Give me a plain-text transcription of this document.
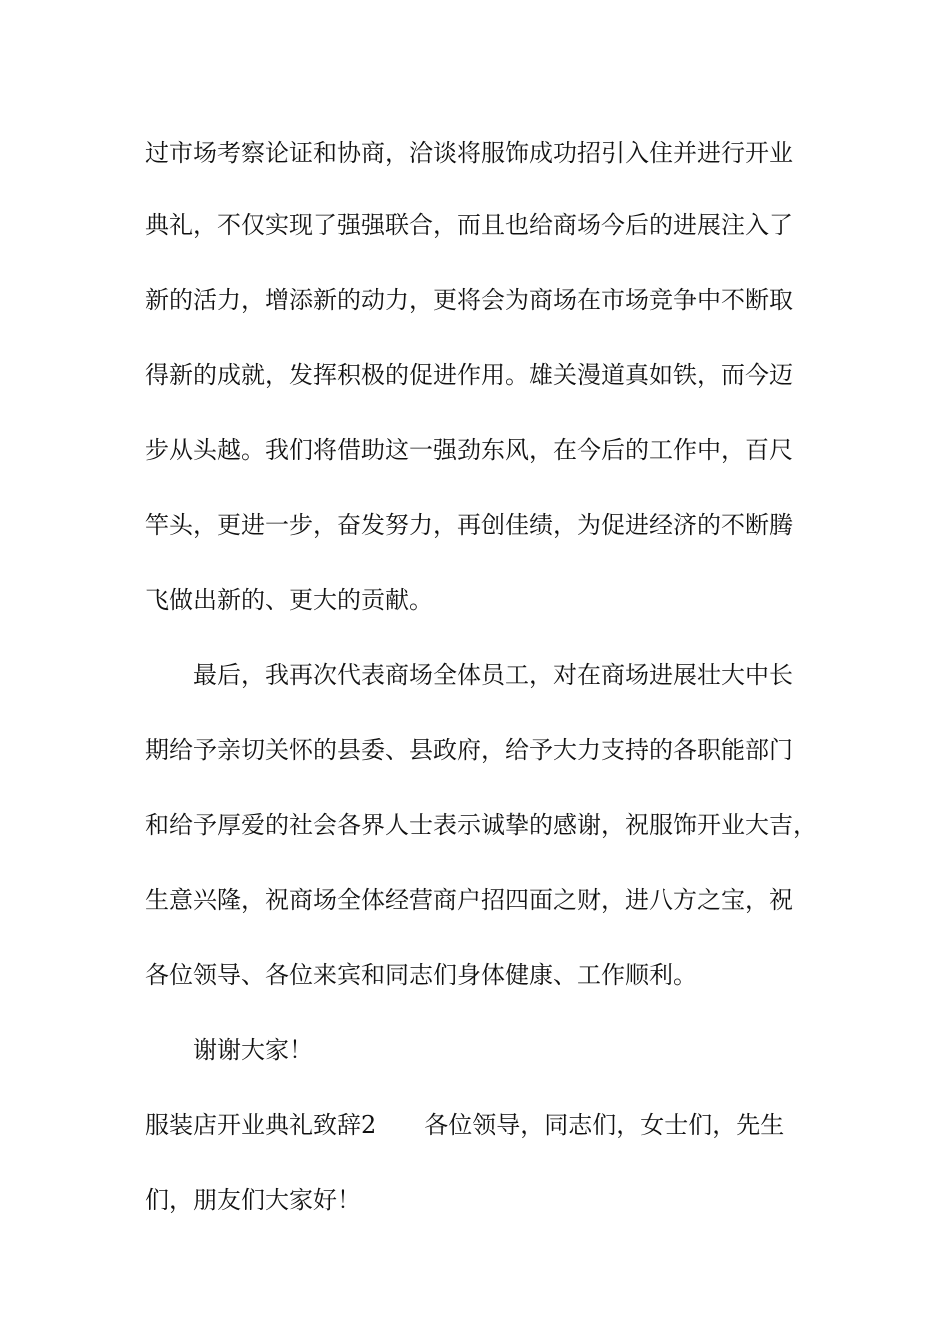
过市场考察论证和协商，洽谈将服饰成功招引入住并进行开业

典礼，不仅实现了强强联合，而且也给商场今后的进展注入了

新的活力，增添新的动力，更将会为商场在市场竞争中不断取

得新的成就，发挥积极的促进作用。雄关漫道真如铁，而今迈

步从头越。我们将借助这一强劲东风，在今后的工作中，百尺

竿头，更进一步，奋发努力，再创佳绩，为促进经济的不断腾

飞做出新的、更大的贡献。

最后，我再次代表商场全体员工，对在商场进展壮大中长

期给予亲切关怀的县委、县政府，给予大力支持的各职能部门

和给予厚爱的社会各界人士表示诚挚的感谢，祝服饰开业大吉，

生意兴隆，祝商场全体经营商户招四面之财，进八方之宝，祝

各位领导、各位来宾和同志们身体健康、工作顺利。

谢谢大家！

服装店开业典礼致辞2　　各位领导，同志们，女士们，先生

们，朋友们大家好！
